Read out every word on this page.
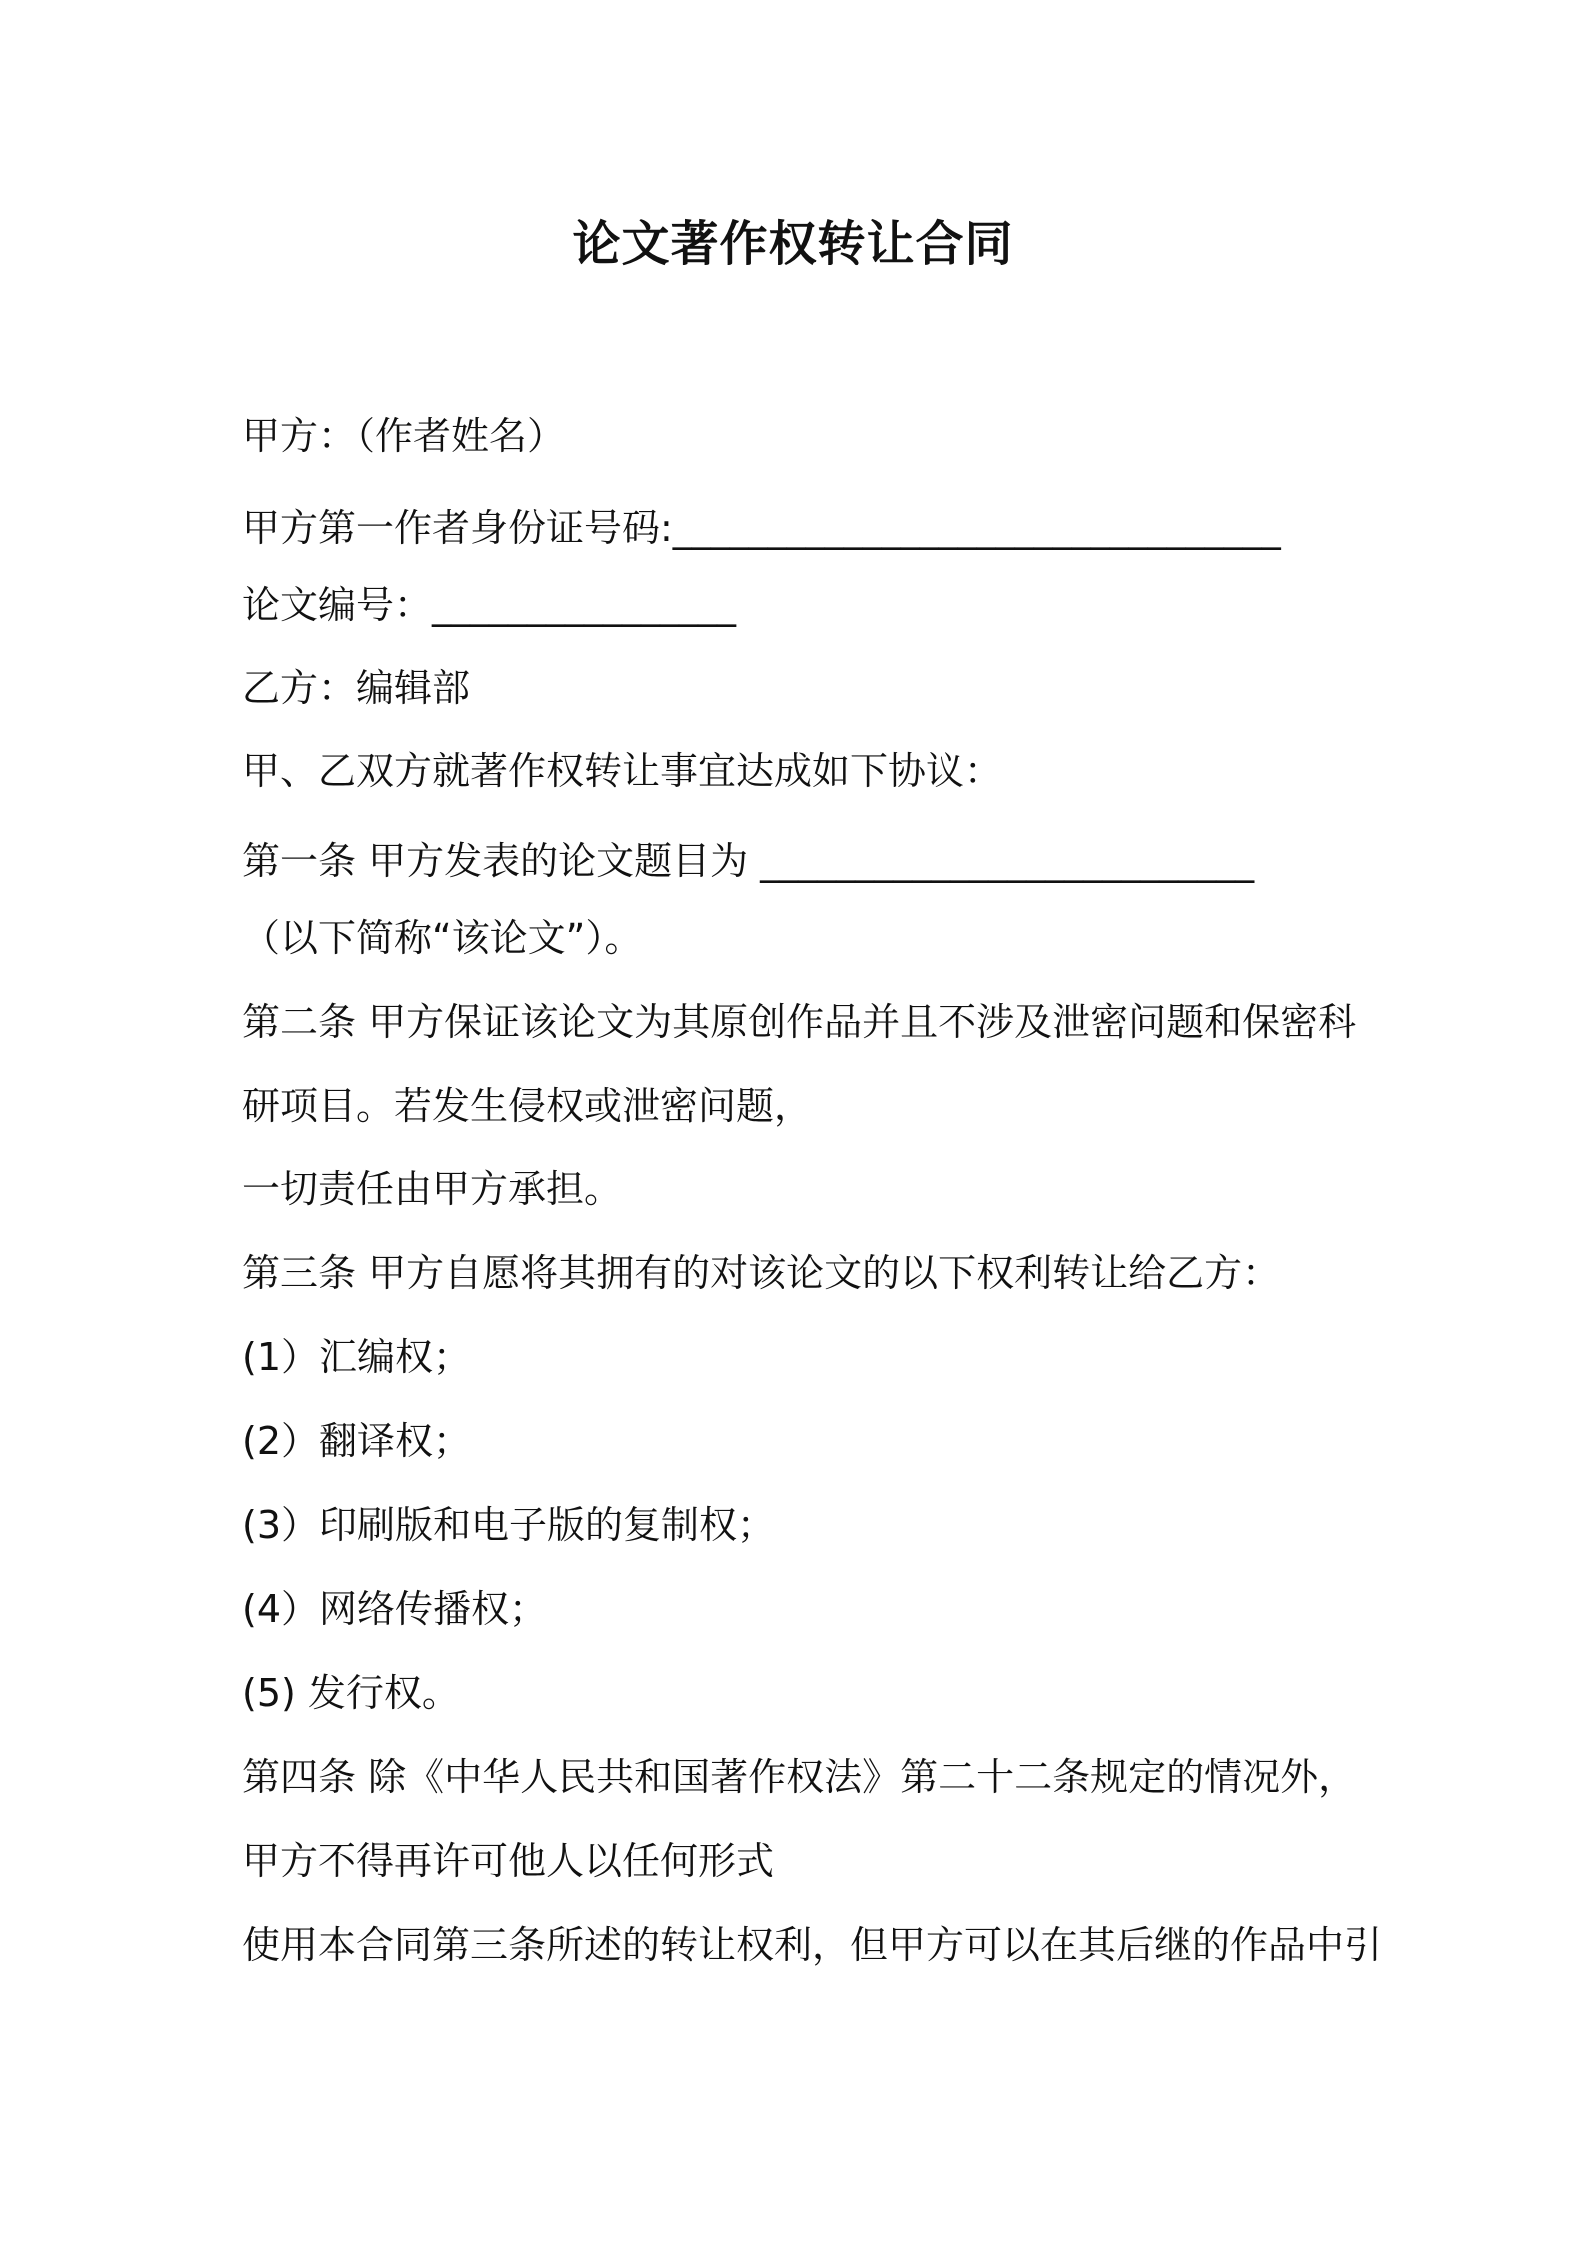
论文著作权转让合同
甲方：（作者姓名）
甲方第一作者身份证号码:________________________________
论文编号：________________
乙方：编辑部
甲、乙双方就著作权转让事宜达成如下协议：
第一条 甲方发表的论文题目为 __________________________
（以下简称“该论文”）。
第二条 甲方保证该论文为其原创作品并且不涉及泄密问题和保密科
研项目。若发生侵权或泄密问题，
一切责任由甲方承担。
第三条 甲方自愿将其拥有的对该论文的以下权利转让给乙方：
(1）汇编权；
(2）翻译权；
(3）印刷版和电子版的复制权；
(4）网络传播权；
(5) 发行权。
第四条 除《中华人民共和国著作权法》第二十二条规定的情况外，
甲方不得再许可他人以任何形式
使用本合同第三条所述的转让权利，但甲方可以在其后继的作品中引
